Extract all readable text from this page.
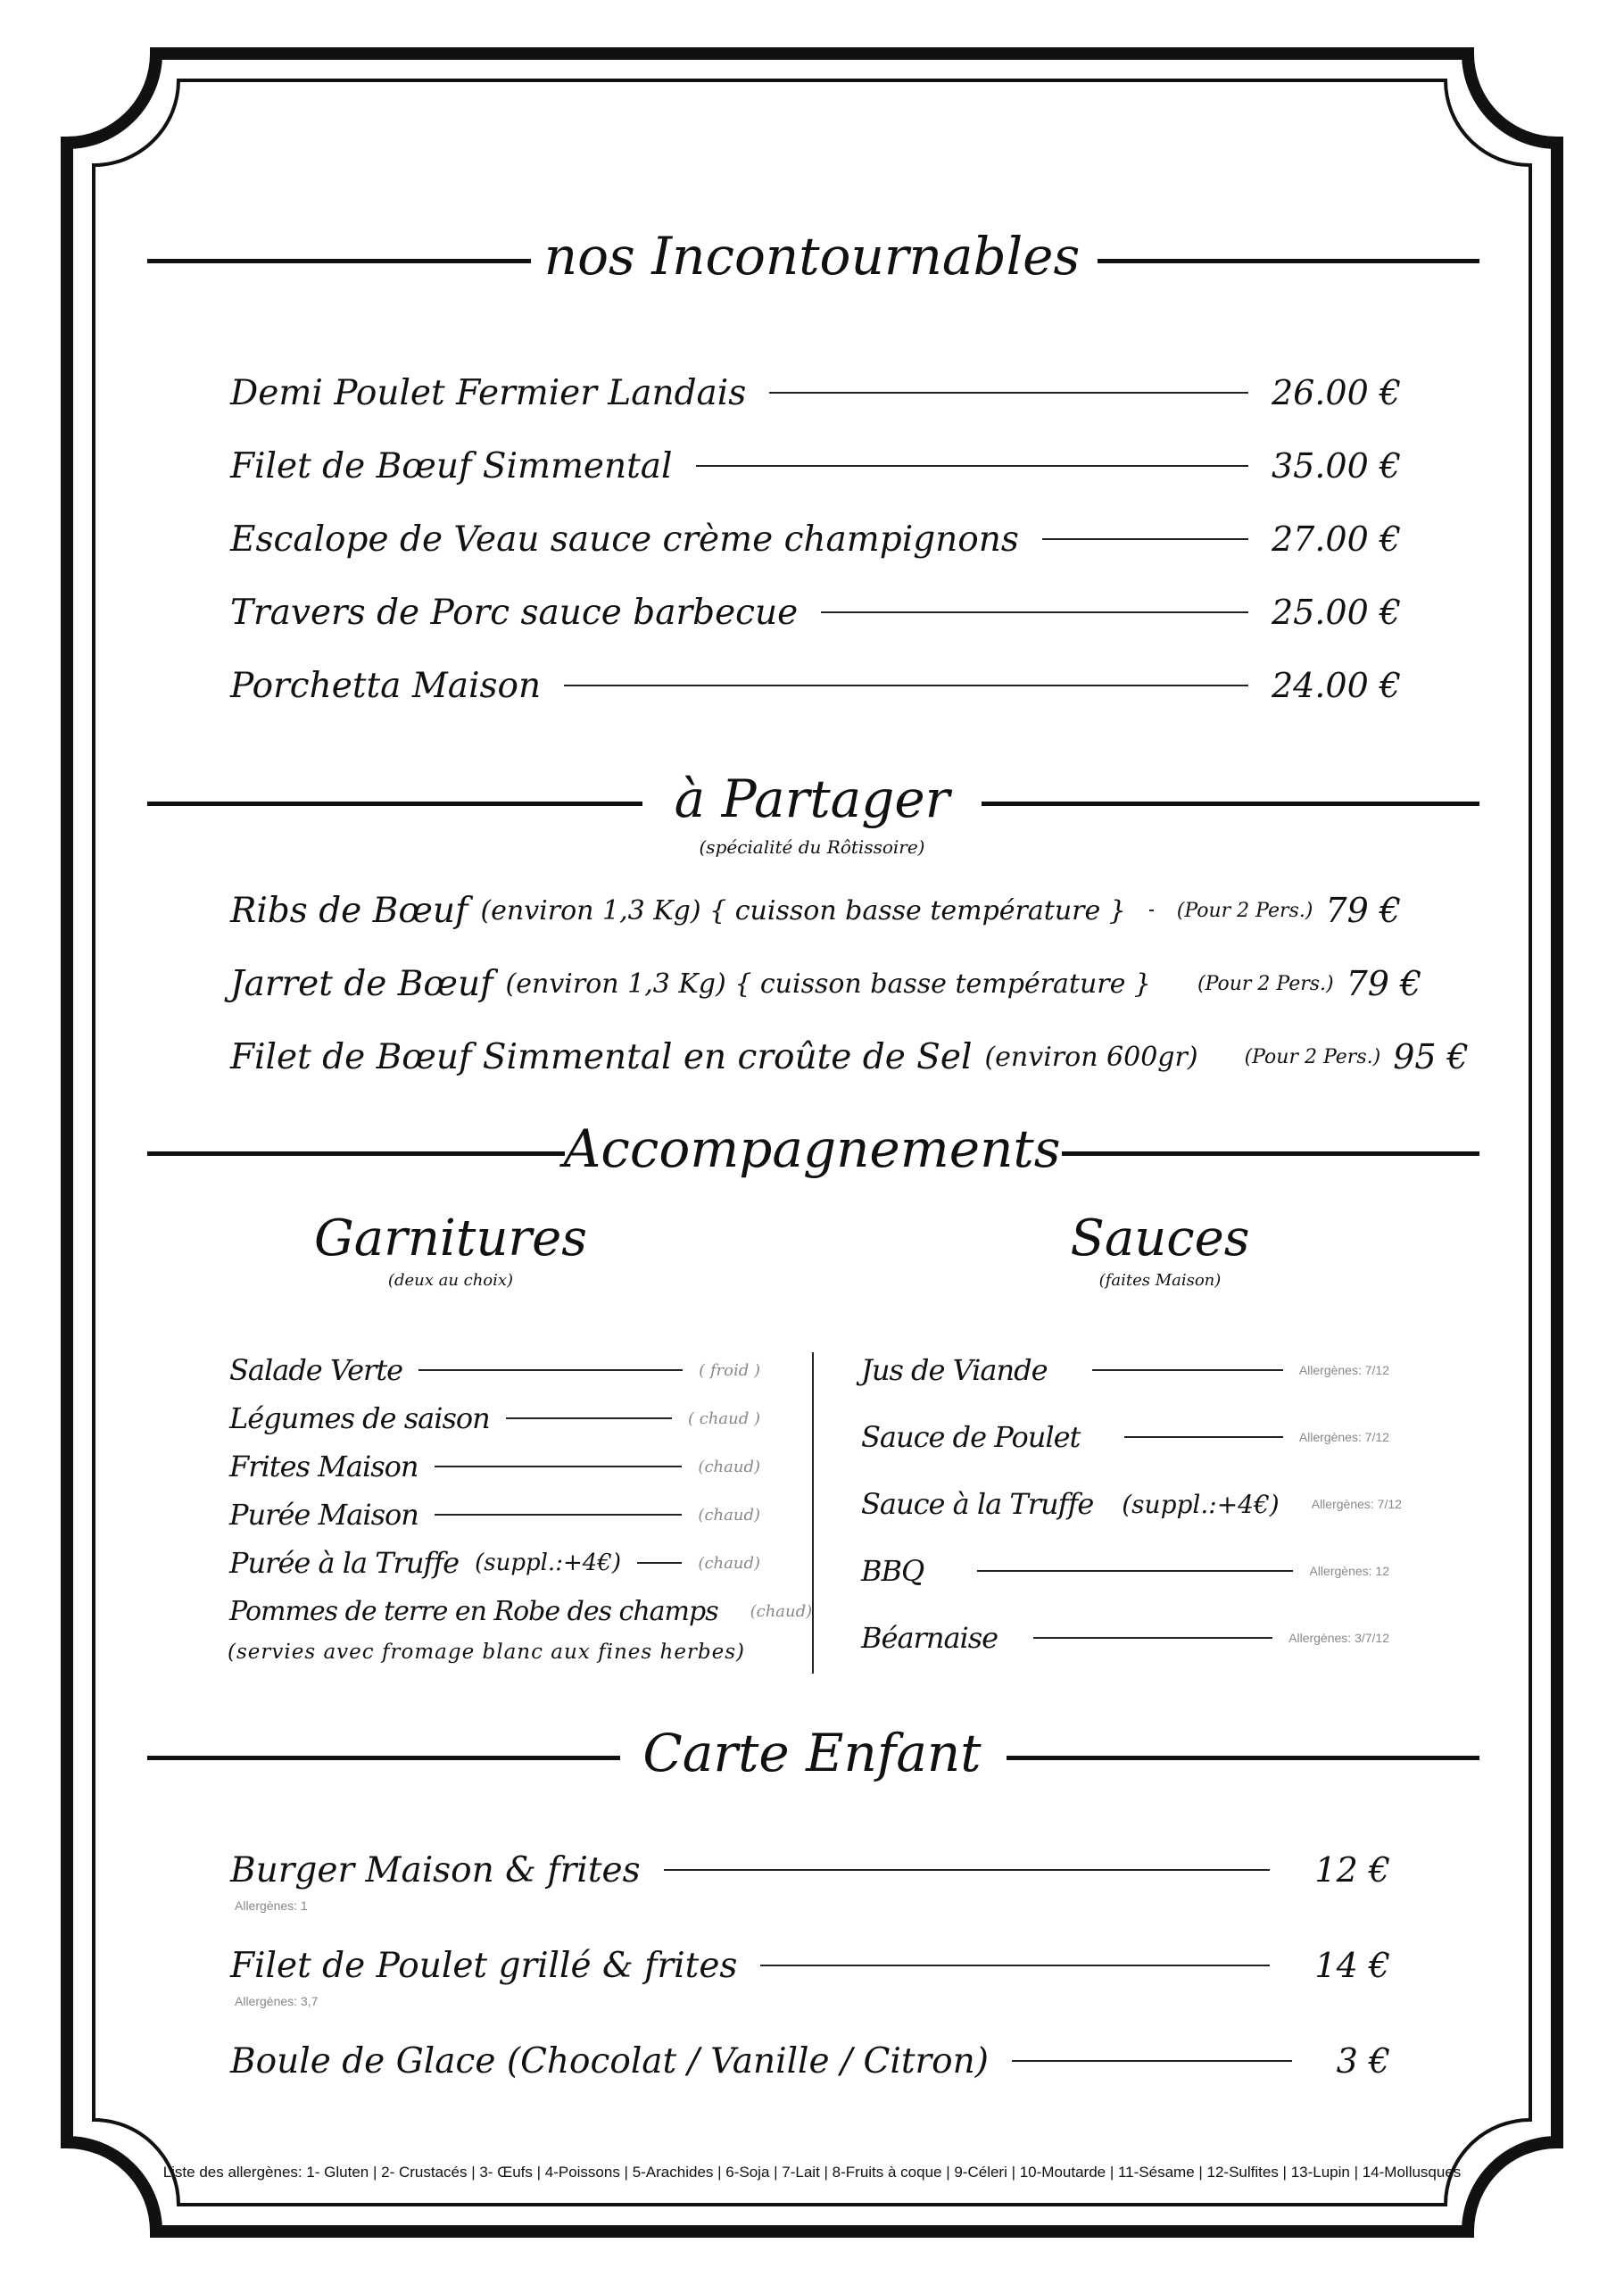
nos Incontournables
Demi Poulet Fermier Landais	26.00 €
Filet de Bœuf Simmental	35.00 €
Escalope de Veau sauce crème champignons	27.00 €
Travers de Porc sauce barbecue	25.00 €
Porchetta Maison	24.00 €
à Partager
(spécialité du Rôtissoire)
Ribs de Bœuf (environ 1,3 Kg) { cuisson basse température }	(Pour 2 Pers.) 79 €
Jarret de Bœuf (environ 1,3 Kg) { cuisson basse température } (Pour 2 Pers.) 79 €
Filet de Bœuf Simmental en croûte de Sel (environ 600gr) (Pour 2 Pers.) 95 €
Accompagnements
Garnitures
(deux au choix)
Sauces
(faites Maison)
Salade Verte	( froid )
Légumes de saison	( chaud )
Frites Maison	(chaud)
Purée Maison	(chaud)
Purée à la Truffe (suppl.:+4€)	(chaud)
Pommes de terre en Robe des champs (chaud)
(servies avec fromage blanc aux fines herbes)
Jus de Viande	Allergènes: 7/12
Sauce de Poulet	Allergènes: 7/12
Sauce à la Truffe (suppl.:+4€)	Allergènes: 7/12
BBQ	Allergènes: 12
Béarnaise	Allergènes: 3/7/12
Carte Enfant
Burger Maison & frites	12 €
Allergènes: 1
Filet de Poulet grillé & frites	14 €
Allergènes: 3,7
Boule de Glace (Chocolat / Vanille / Citron)	3 €
Liste des allergènes: 1- Gluten | 2- Crustacés | 3- Œufs | 4-Poissons | 5-Arachides | 6-Soja | 7-Lait | 8-Fruits à coque | 9-Céleri | 10-Moutarde | 11-Sésame | 12-Sulfites | 13-Lupin | 14-Mollusques
